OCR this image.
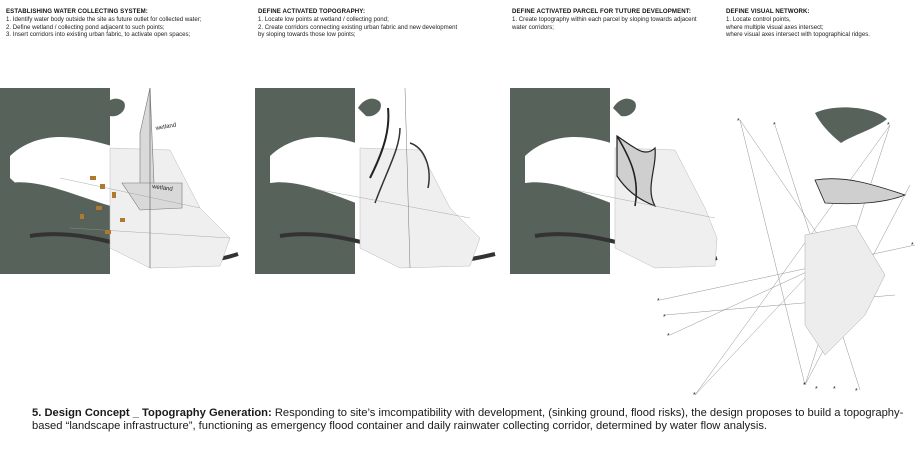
ESTABLISHING WATER COLLECTING SYSTEM:
1. Identify water body outside the site as future outlet for collected water;
2. Define wetland / collecting pond adjacent to such points;
3. Insert corridors into existing urban fabric, to activate open spaces;
DEFINE ACTIVATED TOPOGRAPHY:
1. Locate low points at wetland / collecting pond;
2. Create corridors connecting existing urban fabric and new development by sloping towards those low points;
DEFINE ACTIVATED PARCEL FOR TUTURE DEVELOPMENT:
1. Create topography within each parcel by sloping towards adjacent water corridors;
DEFINE VISUAL NETWORK:
1. Locate control points,
where multiple visual axes intersect;
where visual axes intersect with topographical ridges.
wetland
wetland
*
*	*
*
*
*
*
*
* *	*
*
5. Design Concept _ Topography Generation: Responding to site’s imcompatibility with development, (sinking ground, flood risks), the design proposes to build a topography-based “landscape infrastructure”, functioning as emergency flood container and daily rainwater collecting corridor, determined by water flow analysis.
